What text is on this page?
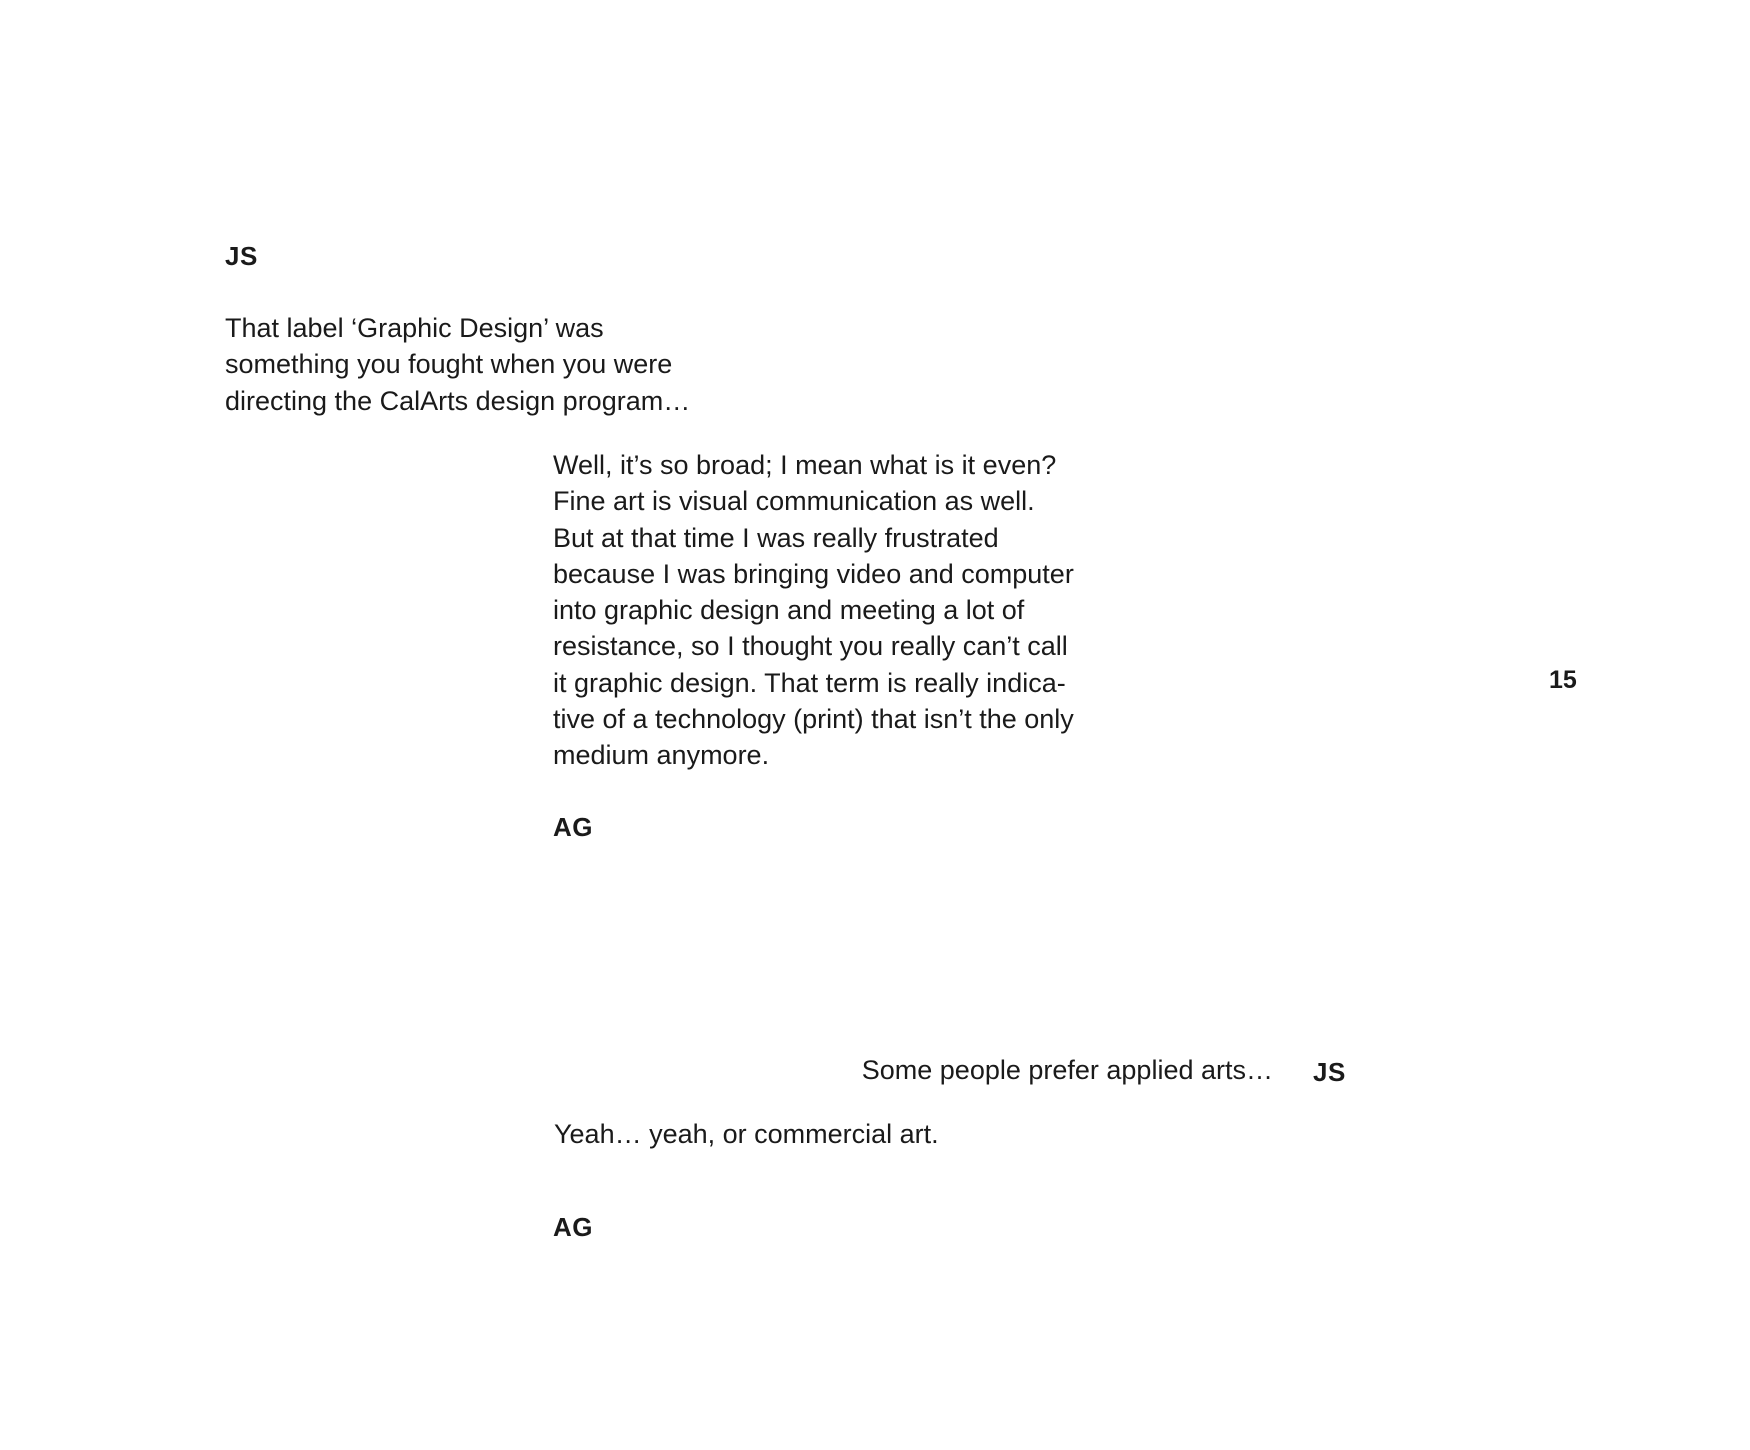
JS
That label ‘Graphic Design’ was
something you fought when you were
directing the CalArts design program…
Well, it’s so broad; I mean what is it even?
Fine art is visual communication as well.
But at that time I was really frustrated
because I was bringing video and computer
into graphic design and meeting a lot of
resistance, so I thought you really can’t call
it graphic design. That term is really indica-
tive of a technology (print) that isn’t the only
medium anymore.
15
AG
Some people prefer applied arts… JS
Yeah… yeah, or commercial art.
AG
